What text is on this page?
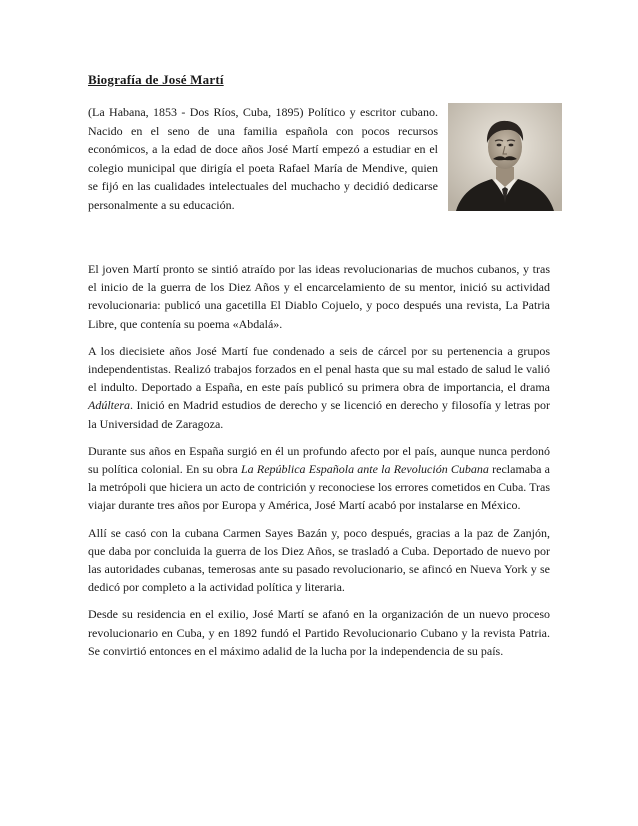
Biografía de José Martí

(La Habana, 1853 - Dos Ríos, Cuba, 1895) Político y escritor cubano. Nacido en el seno de una familia española con pocos recursos económicos, a la edad de doce años José Martí empezó a estudiar en el colegio municipal que dirigía el poeta Rafael María de Mendive, quien se fijó en las cualidades intelectuales del muchacho y decidió dedicarse personalmente a su educación.

El joven Martí pronto se sintió atraído por las ideas revolucionarias de muchos cubanos, y tras el inicio de la guerra de los Diez Años y el encarcelamiento de su mentor, inició su actividad revolucionaria: publicó una gacetilla El Diablo Cojuelo, y poco después una revista, La Patria Libre, que contenía su poema «Abdalá».

A los diecisiete años José Martí fue condenado a seis de cárcel por su pertenencia a grupos independentistas. Realizó trabajos forzados en el penal hasta que su mal estado de salud le valió el indulto. Deportado a España, en este país publicó su primera obra de importancia, el drama Adúltera. Inició en Madrid estudios de derecho y se licenció en derecho y filosofía y letras por la Universidad de Zaragoza.

Durante sus años en España surgió en él un profundo afecto por el país, aunque nunca perdonó su política colonial. En su obra La República Española ante la Revolución Cubana reclamaba a la metrópoli que hiciera un acto de contrición y reconociese los errores cometidos en Cuba. Tras viajar durante tres años por Europa y América, José Martí acabó por instalarse en México.

Allí se casó con la cubana Carmen Sayes Bazán y, poco después, gracias a la paz de Zanjón, que daba por concluida la guerra de los Diez Años, se trasladó a Cuba. Deportado de nuevo por las autoridades cubanas, temerosas ante su pasado revolucionario, se afincó en Nueva York y se dedicó por completo a la actividad política y literaria.

Desde su residencia en el exilio, José Martí se afanó en la organización de un nuevo proceso revolucionario en Cuba, y en 1892 fundó el Partido Revolucionario Cubano y la revista Patria. Se convirtió entonces en el máximo adalid de la lucha por la independencia de su país.
